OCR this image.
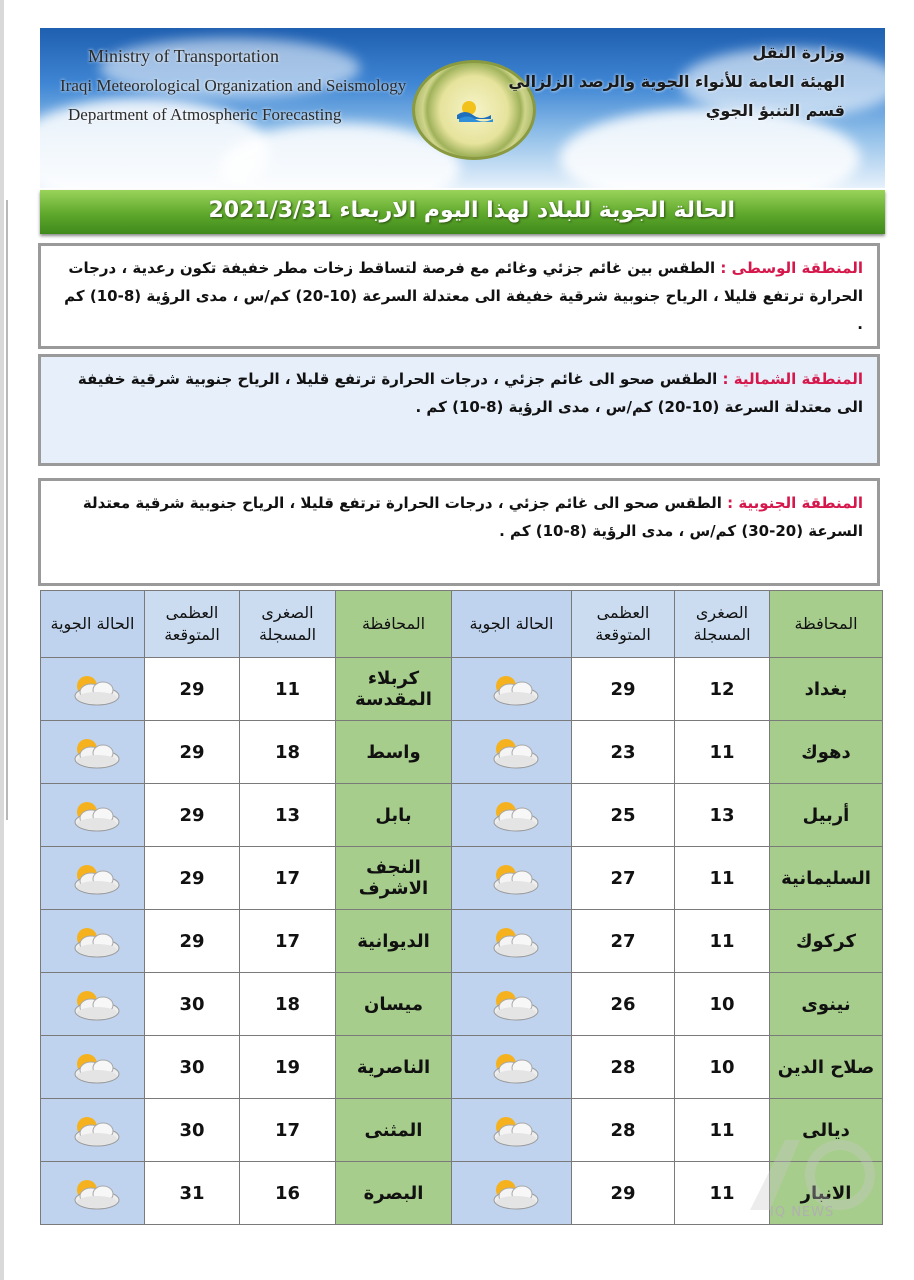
Ministry of Transportation
Iraqi Meteorological Organization and Seismology
Department of Atmospheric Forecasting
وزارة النقل
الهيئة العامة للأنواء الجوية والرصد الزلزالي
قسم التنبؤ الجوي
الحالة الجوية للبلاد لهذا اليوم الاربعاء 2021/3/31
المنطقة الوسطى : الطقس بين غائم جزئي وغائم مع فرصة لتساقط زخات مطر خفيفة تكون رعدية ، درجات الحرارة ترتفع قليلا ، الرياح جنوبية شرقية خفيفة الى معتدلة السرعة (10-20) كم/س ، مدى الرؤية (8-10) كم .
المنطقة الشمالية : الطقس صحو الى غائم جزئي ، درجات الحرارة ترتفع قليلا ، الرياح جنوبية شرقية خفيفة الى معتدلة السرعة (10-20) كم/س ، مدى الرؤية (8-10) كم .
المنطقة الجنوبية : الطقس صحو الى غائم جزئي ، درجات الحرارة ترتفع قليلا ، الرياح جنوبية شرقية معتدلة السرعة (20-30) كم/س ، مدى الرؤية (8-10) كم .
المحافظة	الصغرى المسجلة	العظمى المتوقعة	الحالة الجوية	المحافظة	الصغرى المسجلة	العظمى المتوقعة	الحالة الجوية
بغداد	12	29		كربلاء المقدسة	11	29	
دهوك	11	23		واسط	18	29	
أربيل	13	25		بابل	13	29	
السليمانية	11	27		النجف الاشرف	17	29	
كركوك	11	27		الديوانية	17	29	
نينوى	10	26		ميسان	18	30	
صلاح الدين	10	28		الناصرية	19	30	
ديالى	11	28		المثنى	17	30	
الانبار	11	29		البصرة	16	31	
IQ NEWS
